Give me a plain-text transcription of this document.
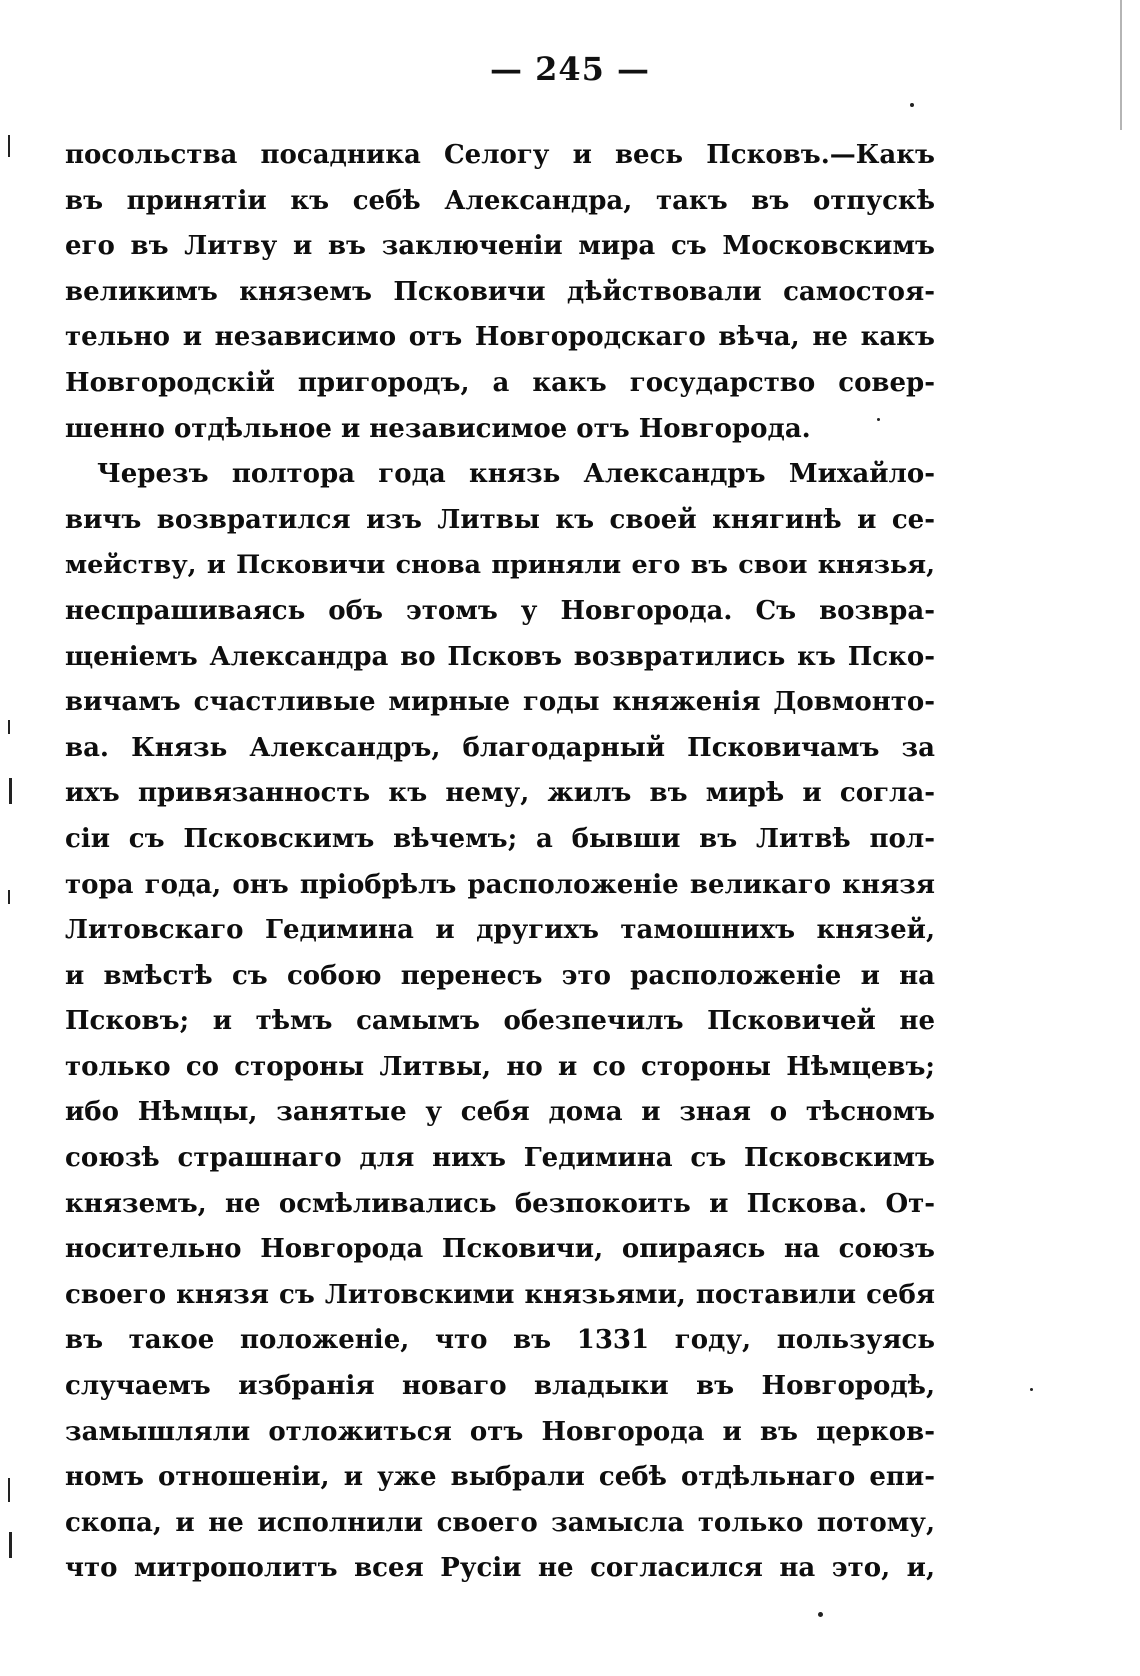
— 245 —
посольства посадника Селогу и весь Псковъ.—Какъ
въ принятіи къ себѣ Александра, такъ въ отпускѣ
его въ Литву и въ заключеніи мира съ Московскимъ
великимъ княземъ Псковичи дѣйствовали самостоя-
тельно и независимо отъ Новгородскаго вѣча, не какъ
Новгородскій пригородъ, а какъ государство совер-
шенно отдѣльное и независимое отъ Новгорода.
Черезъ полтора года князь Александръ Михайло-
вичъ возвратился изъ Литвы къ своей княгинѣ и се-
мейству, и Псковичи снова приняли его въ свои князья,
неспрашиваясь объ этомъ у Новгорода. Съ возвра-
щеніемъ Александра во Псковъ возвратились къ Пско-
вичамъ счастливые мирные годы княженія Довмонто-
ва. Князь Александръ, благодарный Псковичамъ за
ихъ привязанность къ нему, жилъ въ мирѣ и согла-
сіи съ Псковскимъ вѣчемъ; а бывши въ Литвѣ пол-
тора года, онъ пріобрѣлъ расположеніе великаго князя
Литовскаго Гедимина и другихъ тамошнихъ князей,
и вмѣстѣ съ собою перенесъ это расположеніе и на
Псковъ; и тѣмъ самымъ обезпечилъ Псковичей не
только со стороны Литвы, но и со стороны Нѣмцевъ;
ибо Нѣмцы, занятые у себя дома и зная о тѣсномъ
союзѣ страшнаго для нихъ Гедимина съ Псковскимъ
княземъ, не осмѣливались безпокоить и Пскова. От-
носительно Новгорода Псковичи, опираясь на союзъ
своего князя съ Литовскими князьями, поставили себя
въ такое положеніе, что въ 1331 году, пользуясь
случаемъ избранія новаго владыки въ Новгородѣ,
замышляли отложиться отъ Новгорода и въ церков-
номъ отношеніи, и уже выбрали себѣ отдѣльнаго епи-
скопа, и не исполнили своего замысла только потому,
что митрополитъ всея Русіи не согласился на это, и,
